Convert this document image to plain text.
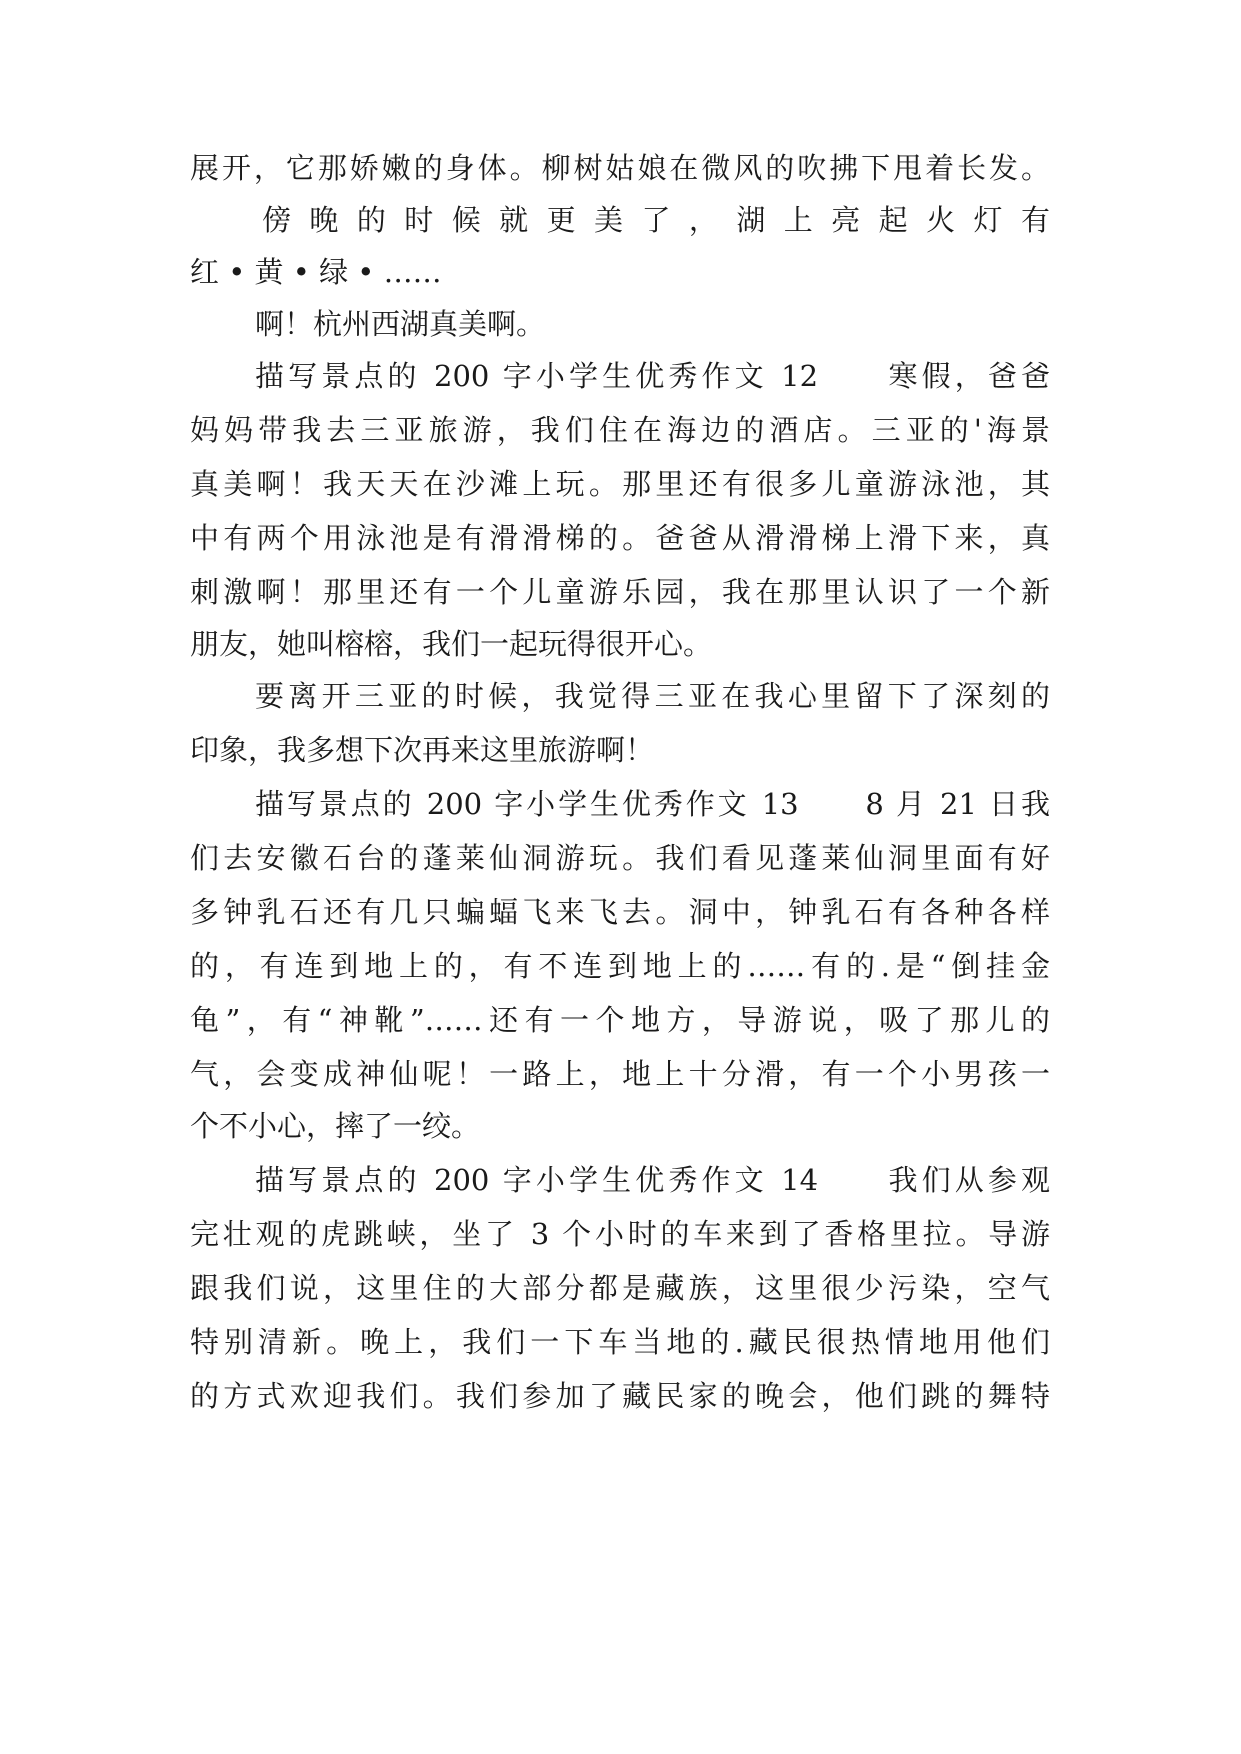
展开，它那娇嫩的身体。柳树姑娘在微风的吹拂下甩着长发。
傍 晚 的 时 候 就 更 美 了 ， 湖 上 亮 起 火 灯 有
红 • 黄 • 绿 • ……
啊！杭州西湖真美啊。
描写景点的 200 字小学生优秀作文 12　　寒假，爸爸
妈妈带我去三亚旅游，我们住在海边的酒店。三亚的'海景
真美啊！我天天在沙滩上玩。那里还有很多儿童游泳池，其
中有两个用泳池是有滑滑梯的。爸爸从滑滑梯上滑下来，真
刺激啊！那里还有一个儿童游乐园，我在那里认识了一个新
朋友，她叫榕榕，我们一起玩得很开心。
要离开三亚的时候，我觉得三亚在我心里留下了深刻的
印象，我多想下次再来这里旅游啊！
描写景点的 200 字小学生优秀作文 13　　8 月 21 日我
们去安徽石台的蓬莱仙洞游玩。我们看见蓬莱仙洞里面有好
多钟乳石还有几只蝙蝠飞来飞去。洞中，钟乳石有各种各样
的，有连到地上的，有不连到地上的……有的.是“倒挂金
龟”，有“神靴”……还有一个地方，导游说，吸了那儿的
气，会变成神仙呢！一路上，地上十分滑，有一个小男孩一
个不小心，摔了一绞。
描写景点的 200 字小学生优秀作文 14　　我们从参观
完壮观的虎跳峡，坐了 3 个小时的车来到了香格里拉。导游
跟我们说，这里住的大部分都是藏族，这里很少污染，空气
特别清新。晚上，我们一下车当地的.藏民很热情地用他们
的方式欢迎我们。我们参加了藏民家的晚会，他们跳的舞特
